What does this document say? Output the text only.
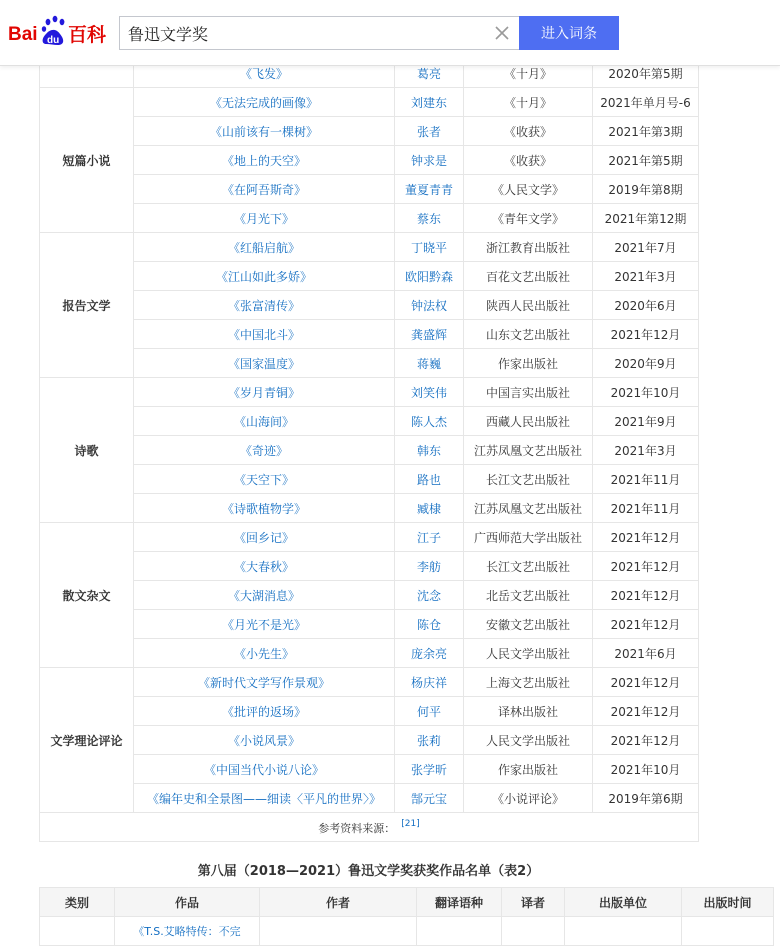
Bai du 百科
鲁迅文学奖	进入词条
	《飞发》	葛亮	《十月》	2020年第5期
短篇小说	《无法完成的画像》	刘建东	《十月》	2021年单月号-6
	《山前该有一棵树》	张者	《收获》	2021年第3期
	《地上的天空》	钟求是	《收获》	2021年第5期
	《在阿吾斯奇》	董夏青青	《人民文学》	2019年第8期
	《月光下》	蔡东	《青年文学》	2021年第12期
报告文学	《红船启航》	丁晓平	浙江教育出版社	2021年7月
	《江山如此多娇》	欧阳黔森	百花文艺出版社	2021年3月
	《张富清传》	钟法权	陕西人民出版社	2020年6月
	《中国北斗》	龚盛辉	山东文艺出版社	2021年12月
	《国家温度》	蒋巍	作家出版社	2020年9月
诗歌	《岁月青铜》	刘笑伟	中国言实出版社	2021年10月
	《山海间》	陈人杰	西藏人民出版社	2021年9月
	《奇迹》	韩东	江苏凤凰文艺出版社	2021年3月
	《天空下》	路也	长江文艺出版社	2021年11月
	《诗歌植物学》	臧棣	江苏凤凰文艺出版社	2021年11月
散文杂文	《回乡记》	江子	广西师范大学出版社	2021年12月
	《大春秋》	李舫	长江文艺出版社	2021年12月
	《大湖消息》	沈念	北岳文艺出版社	2021年12月
	《月光不是光》	陈仓	安徽文艺出版社	2021年12月
	《小先生》	庞余亮	人民文学出版社	2021年6月
文学理论评论	《新时代文学写作景观》	杨庆祥	上海文艺出版社	2021年12月
	《批评的返场》	何平	译林出版社	2021年12月
	《小说风景》	张莉	人民文学出版社	2021年12月
	《中国当代小说八论》	张学昕	作家出版社	2021年10月
	《编年史和全景图——细读〈平凡的世界〉》	郜元宝	《小说评论》	2019年第6期
参考资料来源： [21]
第八届（2018—2021）鲁迅文学奖获奖作品名单（表2）
类别	作品	作者	翻译语种	译者	出版单位	出版时间
	《T.S.艾略特传：不完					
